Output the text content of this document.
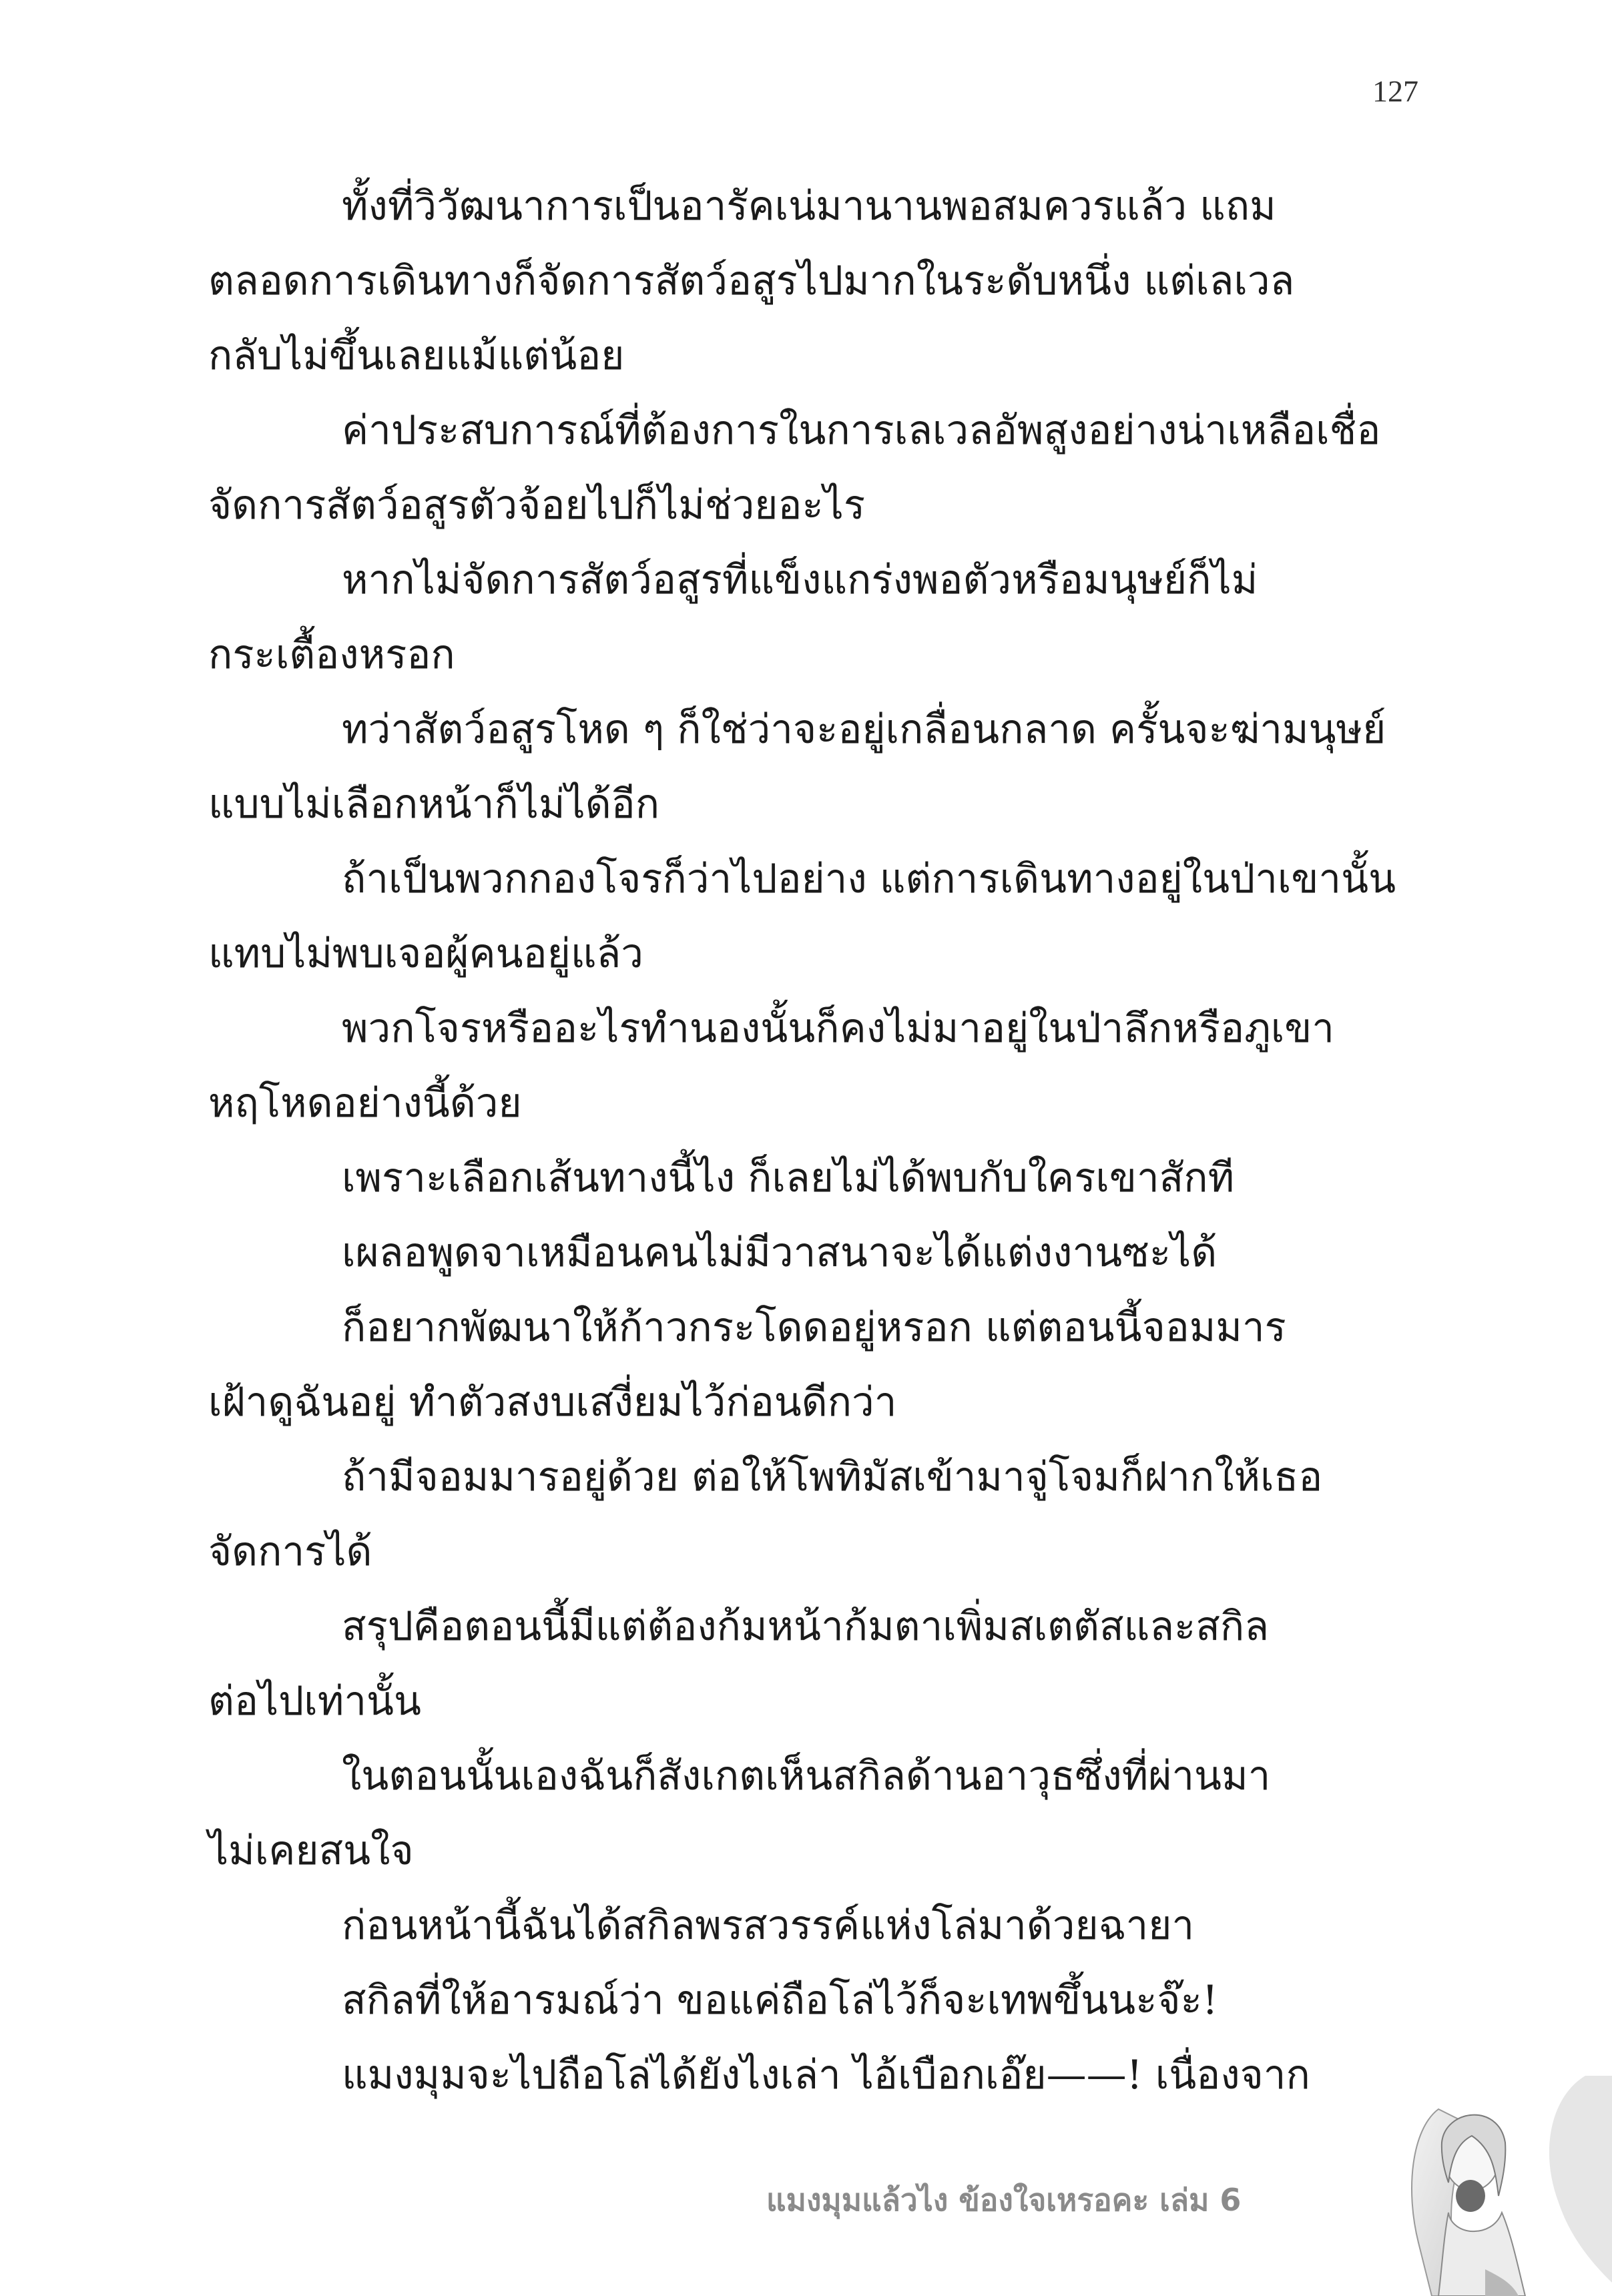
127
ทั้งที่วิวัฒนาการเป็นอารัคเน่มานานพอสมควรแล้ว แถม
ตลอดการเดินทางก็จัดการสัตว์อสูรไปมากในระดับหนึ่ง แต่เลเวล
กลับไม่ขึ้นเลยแม้แต่น้อย
ค่าประสบการณ์ที่ต้องการในการเลเวลอัพสูงอย่างน่าเหลือเชื่อ
จัดการสัตว์อสูรตัวจ้อยไปก็ไม่ช่วยอะไร
หากไม่จัดการสัตว์อสูรที่แข็งแกร่งพอตัวหรือมนุษย์ก็ไม่
กระเตื้องหรอก
ทว่าสัตว์อสูรโหด ๆ ก็ใช่ว่าจะอยู่เกลื่อนกลาด ครั้นจะฆ่ามนุษย์
แบบไม่เลือกหน้าก็ไม่ได้อีก
ถ้าเป็นพวกกองโจรก็ว่าไปอย่าง แต่การเดินทางอยู่ในป่าเขานั้น
แทบไม่พบเจอผู้คนอยู่แล้ว
พวกโจรหรืออะไรทำนองนั้นก็คงไม่มาอยู่ในป่าลึกหรือภูเขา
หฤโหดอย่างนี้ด้วย
เพราะเลือกเส้นทางนี้ไง ก็เลยไม่ได้พบกับใครเขาสักที
เผลอพูดจาเหมือนคนไม่มีวาสนาจะได้แต่งงานซะได้
ก็อยากพัฒนาให้ก้าวกระโดดอยู่หรอก แต่ตอนนี้จอมมาร
เฝ้าดูฉันอยู่ ทำตัวสงบเสงี่ยมไว้ก่อนดีกว่า
ถ้ามีจอมมารอยู่ด้วย ต่อให้โพทิมัสเข้ามาจู่โจมก็ฝากให้เธอ
จัดการได้
สรุปคือตอนนี้มีแต่ต้องก้มหน้าก้มตาเพิ่มสเตตัสและสกิล
ต่อไปเท่านั้น
ในตอนนั้นเองฉันก็สังเกตเห็นสกิลด้านอาวุธซึ่งที่ผ่านมา
ไม่เคยสนใจ
ก่อนหน้านี้ฉันได้สกิลพรสวรรค์แห่งโล่มาด้วยฉายา
สกิลที่ให้อารมณ์ว่า ขอแค่ถือโล่ไว้ก็จะเทพขึ้นนะจ๊ะ!
แมงมุมจะไปถือโล่ได้ยังไงเล่า ไอ้เบือกเอ๊ย——! เนื่องจาก
แมงมุมแล้วไง ข้องใจเหรอคะ เล่ม 6
